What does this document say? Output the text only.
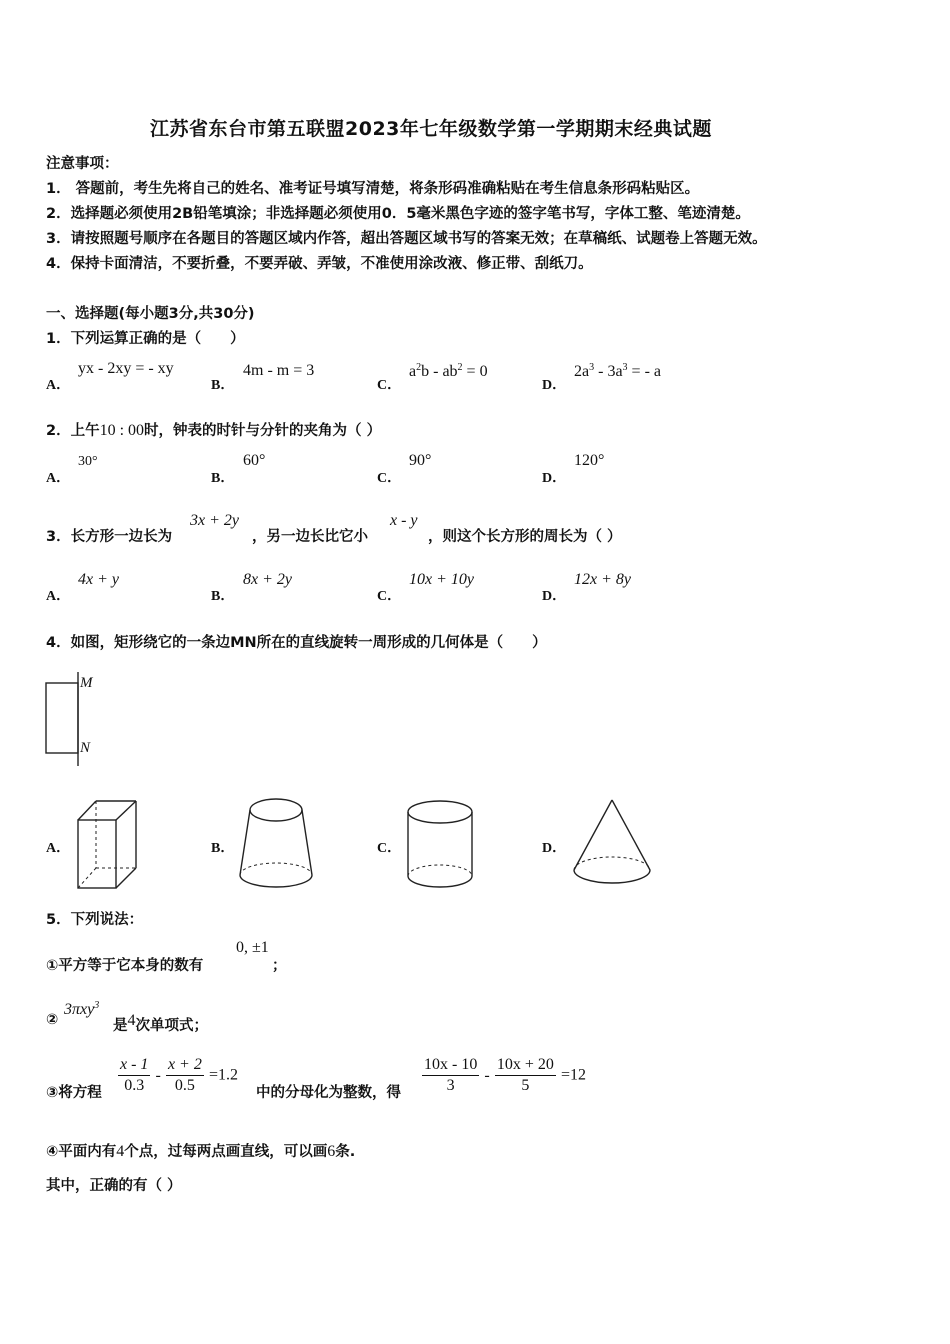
江苏省东台市第五联盟2023年七年级数学第一学期期末经典试题
注意事项：
1． 答题前，考生先将自己的姓名、准考证号填写清楚，将条形码准确粘贴在考生信息条形码粘贴区。
2．选择题必须使用2B铅笔填涂；非选择题必须使用0．5毫米黑色字迹的签字笔书写，字体工整、笔迹清楚。
3．请按照题号顺序在各题目的答题区域内作答，超出答题区域书写的答案无效；在草稿纸、试题卷上答题无效。
4．保持卡面清洁，不要折叠，不要弄破、弄皱，不准使用涂改液、修正带、刮纸刀。
一、选择题(每小题3分,共30分)
1．下列运算正确的是（　　）
A．
yx - 2xy = - xy
B．
4m - m = 3
C．
$a^2b - ab^2 = 0$
D．
$2a^3 - 3a^3$ = - a
2．上午10 : 00时，钟表的时针与分针的夹角为（ ）
A．
30°
B．
60°
C．
90°
D．
120°
3．长方形一边长为
3x + 2y
，另一边长比它小
x - y
，则这个长方形的周长为（ ）
A．
4x + y
B．
8x + 2y
C．
10x + 10y
D．
12x + 8y
4．如图，矩形绕它的一条边MN所在的直线旋转一周形成的几何体是（　　）
M
N
A．	B．	C．	D．
5．下列说法：
①平方等于它本身的数有
0, ±1
；
②
3πxy$^3$
是4次单项式；
③将方程 $\frac{x - 1}{0.3} - \frac{x + 2}{0.5} =1.2$
中的分母化为整数，得 $\frac{10x - 10}{3} - \frac{10x + 20}{5} =12$
④平面内有4个点，过每两点画直线，可以画6条.
其中，正确的有（ ）
